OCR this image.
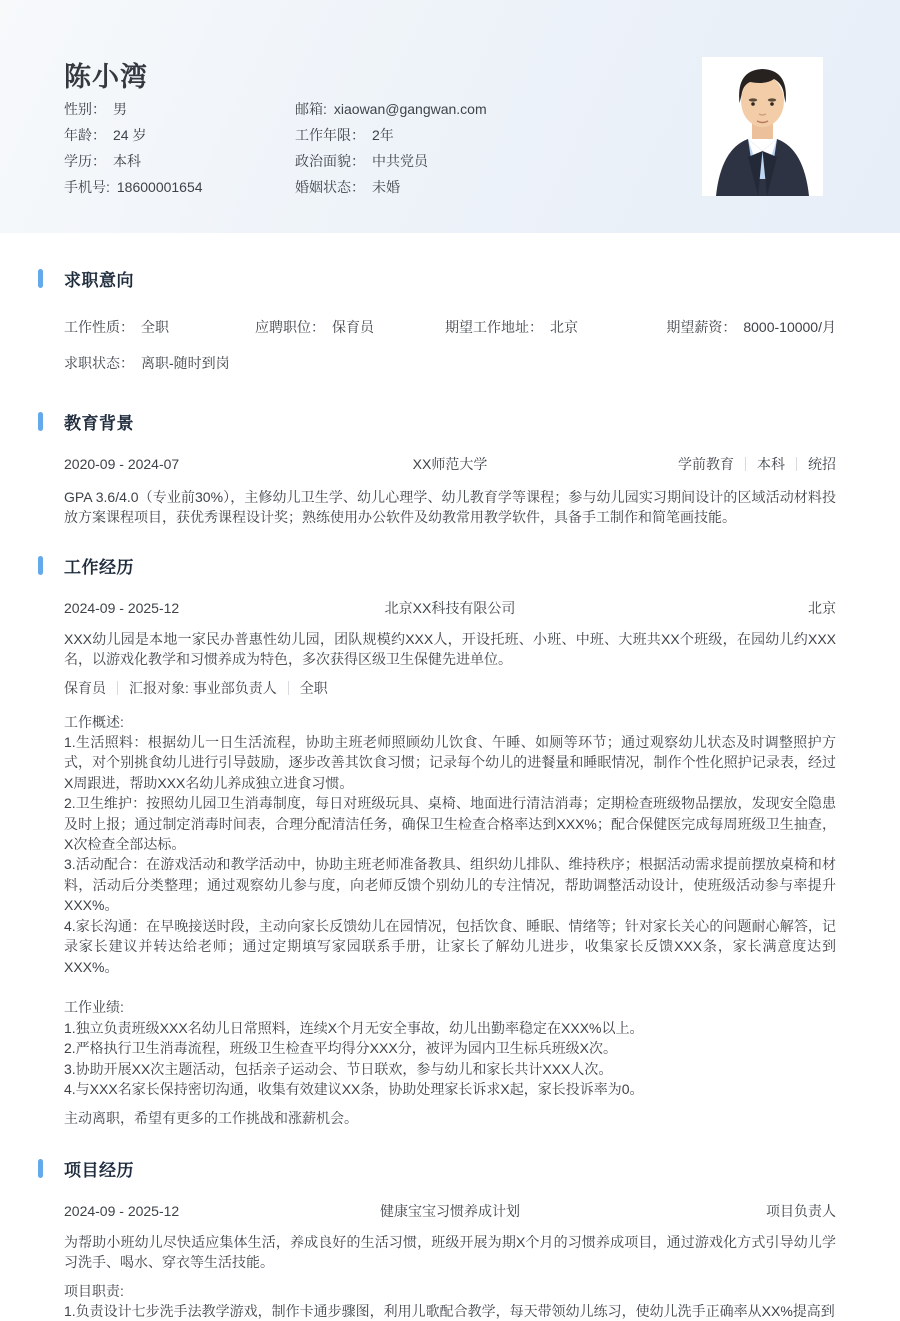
陈小湾
性别： 男
年龄： 24 岁
学历： 本科
手机号: 18600001654
邮箱: xiaowan@gangwan.com
工作年限： 2年
政治面貌： 中共党员
婚姻状态： 未婚
求职意向
工作性质： 全职	应聘职位： 保育员	期望工作地址： 北京	期望薪资： 8000-10000/月
求职状态： 离职-随时到岗
教育背景
2020-09 - 2024-07	XX师范大学	学前教育 本科 统招

GPA 3.6/4.0（专业前30%），主修幼儿卫生学、幼儿心理学、幼儿教育学等课程；参与幼儿园实习期间设计的区域活动材料投放方案课程项目，获优秀课程设计奖；熟练使用办公软件及幼教常用教学软件，具备手工制作和简笔画技能。

工作经历
2024-09 - 2025-12	北京XX科技有限公司	北京

XXX幼儿园是本地一家民办普惠性幼儿园，团队规模约XXX人，开设托班、小班、中班、大班共XX个班级，在园幼儿约XXX名，以游戏化教学和习惯养成为特色，多次获得区级卫生保健先进单位。

保育员 汇报对象: 事业部负责人 全职

工作概述:

1.生活照料：根据幼儿一日生活流程，协助主班老师照顾幼儿饮食、午睡、如厕等环节；通过观察幼儿状态及时调整照护方式，对个别挑食幼儿进行引导鼓励，逐步改善其饮食习惯；记录每个幼儿的进餐量和睡眠情况，制作个性化照护记录表，经过X周跟进，帮助XXX名幼儿养成独立进食习惯。

2.卫生维护：按照幼儿园卫生消毒制度，每日对班级玩具、桌椅、地面进行清洁消毒；定期检查班级物品摆放，发现安全隐患及时上报；通过制定消毒时间表，合理分配清洁任务，确保卫生检查合格率达到XXX%；配合保健医完成每周班级卫生抽查，X次检查全部达标。

3.活动配合：在游戏活动和教学活动中，协助主班老师准备教具、组织幼儿排队、维持秩序；根据活动需求提前摆放桌椅和材料，活动后分类整理；通过观察幼儿参与度，向老师反馈个别幼儿的专注情况，帮助调整活动设计，使班级活动参与率提升XXX%。

4.家长沟通：在早晚接送时段，主动向家长反馈幼儿在园情况，包括饮食、睡眠、情绪等；针对家长关心的问题耐心解答，记录家长建议并转达给老师；通过定期填写家园联系手册，让家长了解幼儿进步，收集家长反馈XXX条，家长满意度达到XXX%。

工作业绩:

1.独立负责班级XXX名幼儿日常照料，连续X个月无安全事故，幼儿出勤率稳定在XXX%以上。

2.严格执行卫生消毒流程，班级卫生检查平均得分XXX分，被评为园内卫生标兵班级X次。

3.协助开展XX次主题活动，包括亲子运动会、节日联欢，参与幼儿和家长共计XXX人次。

4.与XXX名家长保持密切沟通，收集有效建议XX条，协助处理家长诉求X起，家长投诉率为0。

主动离职，希望有更多的工作挑战和涨薪机会。

项目经历
2024-09 - 2025-12	健康宝宝习惯养成计划	项目负责人

为帮助小班幼儿尽快适应集体生活，养成良好的生活习惯，班级开展为期X个月的习惯养成项目，通过游戏化方式引导幼儿学习洗手、喝水、穿衣等生活技能。

项目职责:

1.负责设计七步洗手法教学游戏，制作卡通步骤图，利用儿歌配合教学，每天带领幼儿练习，使幼儿洗手正确率从XX%提高到
